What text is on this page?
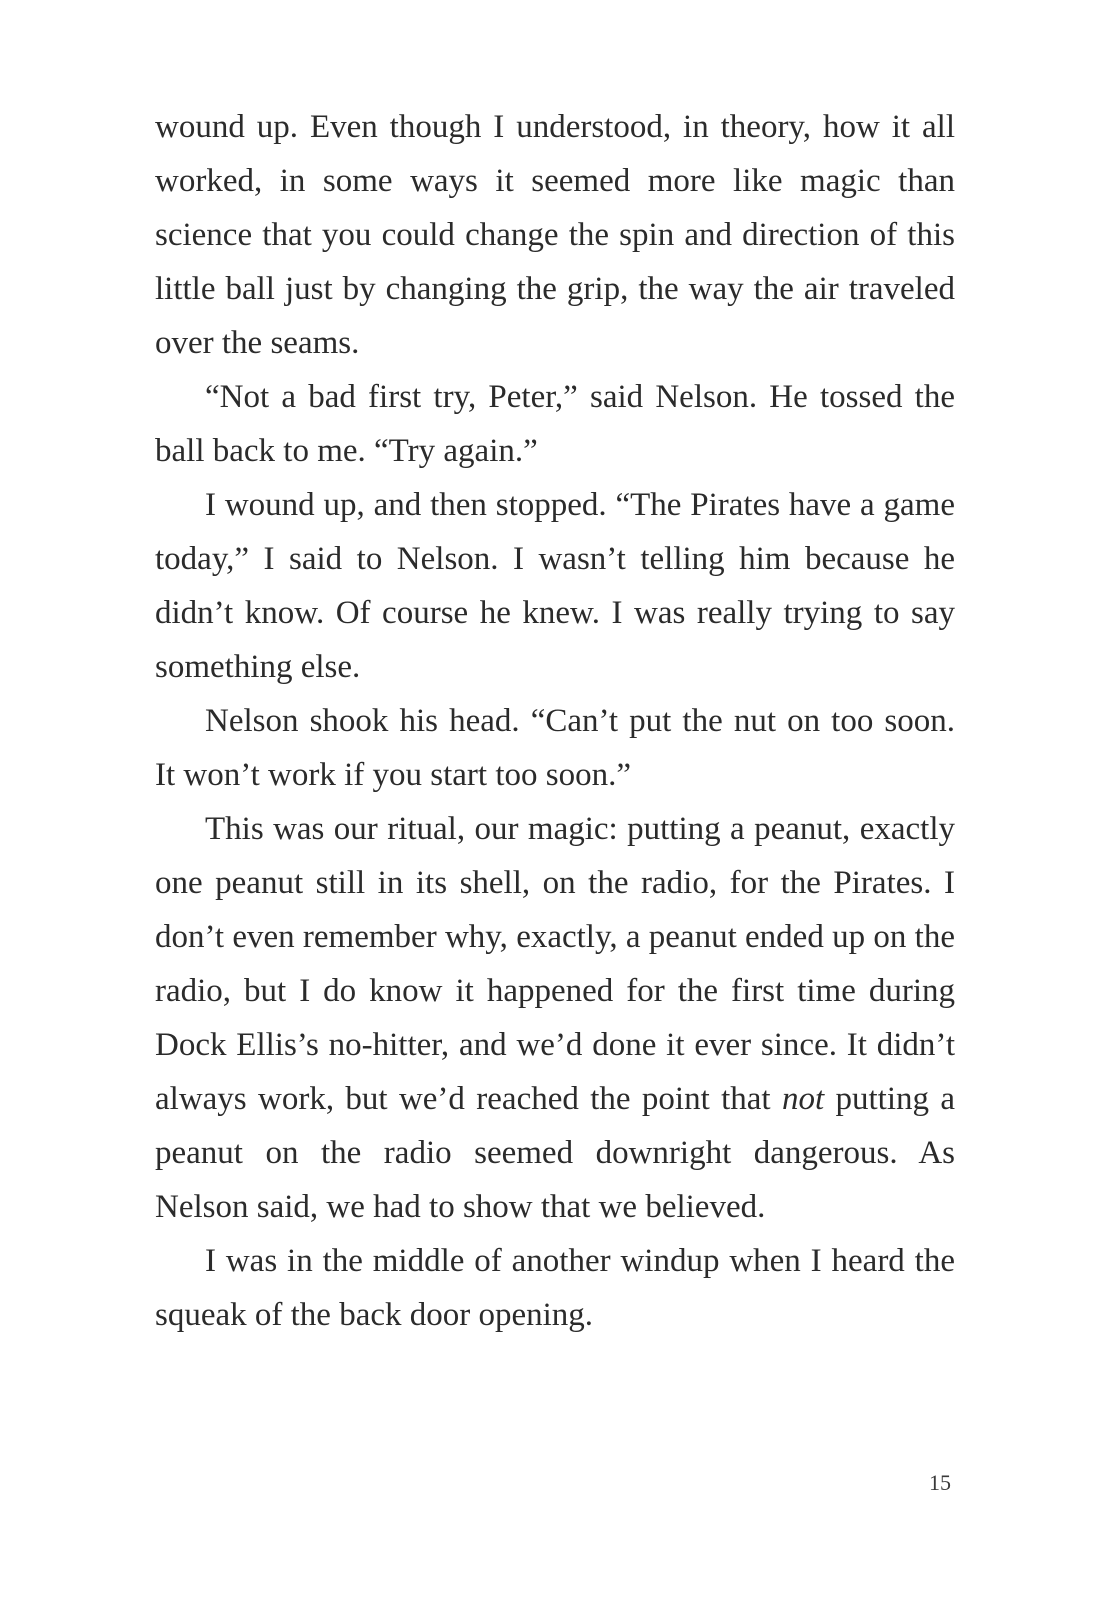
wound up. Even though I understood, in theory, how it all worked, in some ways it seemed more like magic than science that you could change the spin and direction of this little ball just by changing the grip, the way the air traveled over the seams.

“Not a bad first try, Peter,” said Nelson. He tossed the ball back to me. “Try again.”

I wound up, and then stopped. “The Pirates have a game today,” I said to Nelson. I wasn’t telling him because he didn’t know. Of course he knew. I was really trying to say something else.

Nelson shook his head. “Can’t put the nut on too soon. It won’t work if you start too soon.”

This was our ritual, our magic: putting a peanut, exactly one peanut still in its shell, on the radio, for the Pirates. I don’t even remember why, exactly, a peanut ended up on the radio, but I do know it happened for the first time during Dock Ellis’s no-hitter, and we’d done it ever since. It didn’t always work, but we’d reached the point that not putting a peanut on the radio seemed downright dangerous. As Nelson said, we had to show that we believed.

I was in the middle of another windup when I heard the squeak of the back door opening.

15
